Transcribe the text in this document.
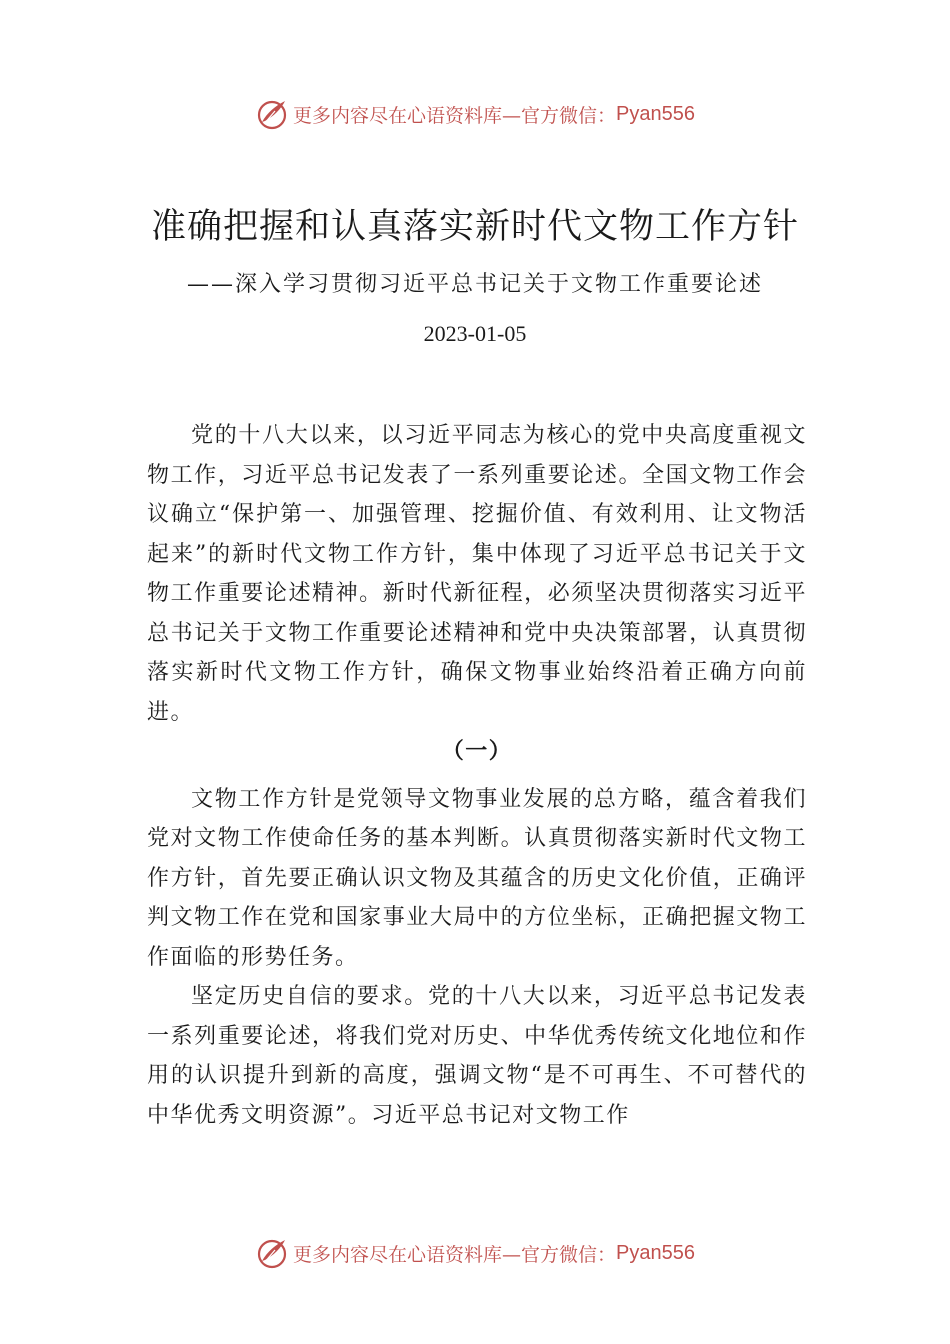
更多内容尽在心语资料库—官方微信： Pyan556
准确把握和认真落实新时代文物工作方针
——深入学习贯彻习近平总书记关于文物工作重要论述
2023-01-05

党的十八大以来，以习近平同志为核心的党中央高度重视文物工作，习近平总书记发表了一系列重要论述。全国文物工作会议确立“保护第一、加强管理、挖掘价值、有效利用、让文物活起来”的新时代文物工作方针，集中体现了习近平总书记关于文物工作重要论述精神。新时代新征程，必须坚决贯彻落实习近平总书记关于文物工作重要论述精神和党中央决策部署，认真贯彻落实新时代文物工作方针，确保文物事业始终沿着正确方向前进。

（一）

文物工作方针是党领导文物事业发展的总方略，蕴含着我们党对文物工作使命任务的基本判断。认真贯彻落实新时代文物工作方针，首先要正确认识文物及其蕴含的历史文化价值，正确评判文物工作在党和国家事业大局中的方位坐标，正确把握文物工作面临的形势任务。

坚定历史自信的要求。党的十八大以来，习近平总书记发表一系列重要论述，将我们党对历史、中华优秀传统文化地位和作用的认识提升到新的高度，强调文物“是不可再生、不可替代的中华优秀文明资源”。习近平总书记对文物工作

更多内容尽在心语资料库—官方微信： Pyan556
